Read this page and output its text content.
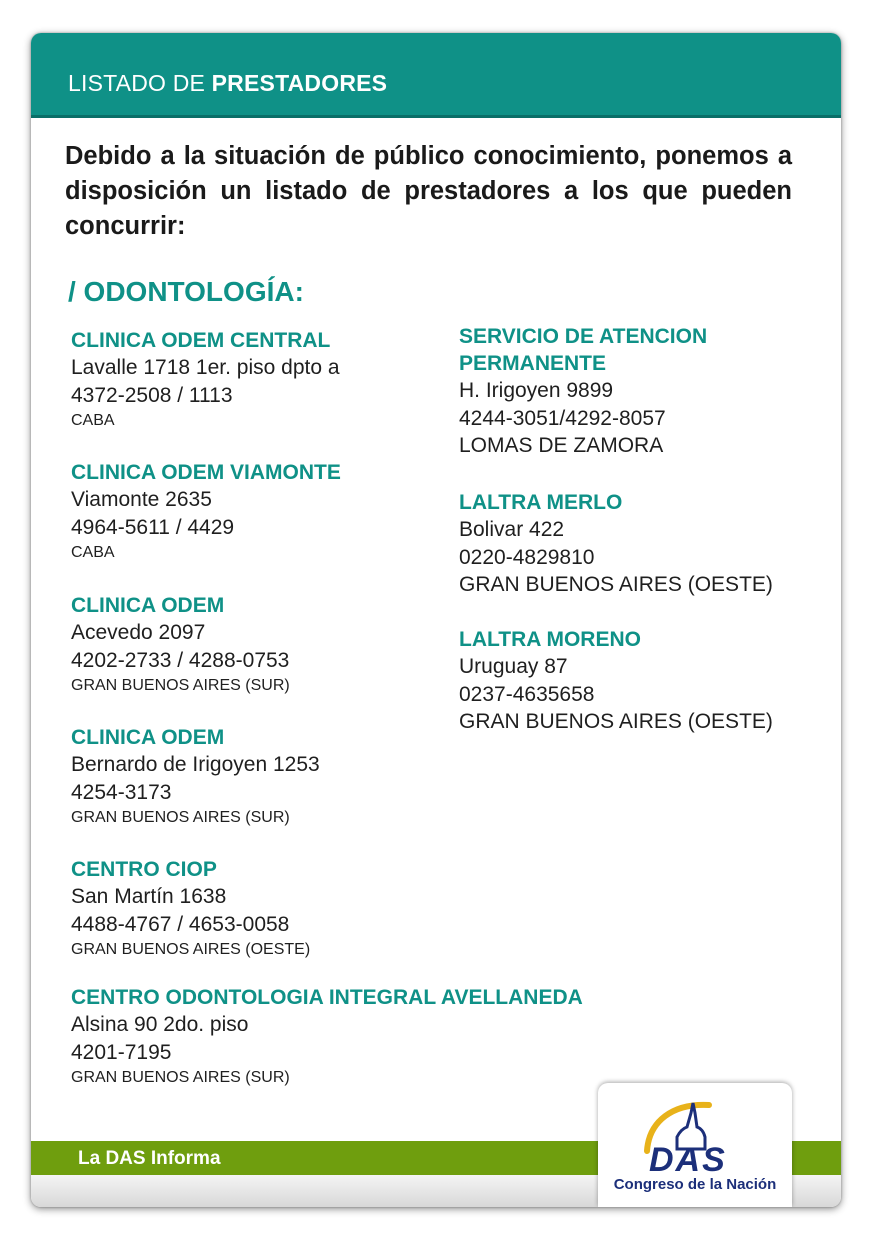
LISTADO DE PRESTADORES
Debido a la situación de público conocimiento, ponemos a disposición un listado de prestadores a los que pueden concurrir:
/ ODONTOLOGÍA:
CLINICA ODEM CENTRAL
Lavalle 1718 1er. piso dpto a
4372-2508 / 1113
CABA
CLINICA ODEM VIAMONTE
Viamonte 2635
4964-5611 / 4429
CABA
CLINICA ODEM
Acevedo 2097
4202-2733 / 4288-0753
GRAN BUENOS AIRES (SUR)
CLINICA ODEM
Bernardo de Irigoyen 1253
4254-3173
GRAN BUENOS AIRES (SUR)
CENTRO CIOP
San Martín 1638
4488-4767 / 4653-0058
GRAN BUENOS AIRES (OESTE)
CENTRO ODONTOLOGIA INTEGRAL AVELLANEDA
Alsina 90 2do. piso
4201-7195
GRAN BUENOS AIRES (SUR)
SERVICIO DE ATENCION
PERMANENTE
H. Irigoyen 9899
4244-3051/4292-8057
LOMAS DE ZAMORA
LALTRA MERLO
Bolivar 422
0220-4829810
GRAN BUENOS AIRES (OESTE)
LALTRA MORENO
Uruguay 87
0237-4635658
GRAN BUENOS AIRES (OESTE)
La DAS Informa	DAS
Congreso de la Nación
